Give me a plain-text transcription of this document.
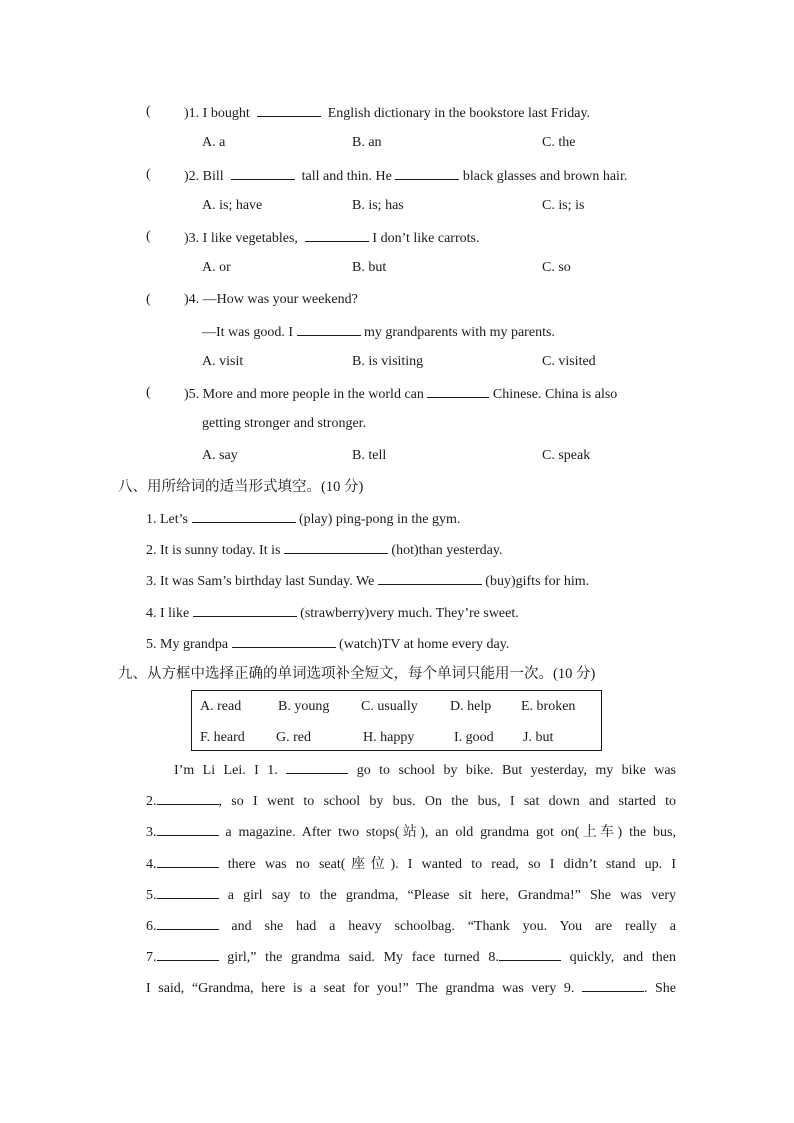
( )1. I bought	English dictionary in the bookstore last Friday.
A. a	B. an	C. the
( )2. Bill	tall and thin. He	black glasses and brown hair.
A. is; have	B. is; has	C. is; is
( )3. I like vegetables,	I don’t like carrots.
A. or	B. but	C. so
( )4. —How was your weekend?
—It was good. I	my grandparents with my parents.
A. visit	B. is visiting	C. visited
( )5. More and more people in the world can	Chinese. China is also
getting stronger and stronger.
A. say	B. tell	C. speak
八、用所给词的适当形式填空。(10 分)
1. Let’s	(play) ping-pong in the gym.
2. It is sunny today. It is	(hot)than yesterday.
3. It was Sam’s birthday last Sunday. We	(buy)gifts for him.
4. I like	(strawberry)very much. They’re sweet.
5. My grandpa	(watch)TV at home every day.
九、从方框中选择正确的单词选项补全短文，每个单词只能用一次。(10 分)
A. read	B. young C. usually D. help E. broken
F. heard G. red	H. happy	I. good J. but
I’m Li Lei. I 1.	go to school by bike. But yesterday, my bike was
2.	, so I went to school by bus. On the bus, I sat down and started to
3.	a magazine. After two stops(站), an old grandma got on(上车) the bus,
4.	there was no seat(座位). I wanted to read, so I didn’t stand up. I
5.	a girl say to the grandma, “Please sit here, Grandma!” She was very
6.	and she had a heavy schoolbag. “Thank you. You are really a
7.	girl,” the grandma said. My face turned 8.	quickly, and then
I said, “Grandma, here is a seat for you!” The grandma was very 9.	. She
